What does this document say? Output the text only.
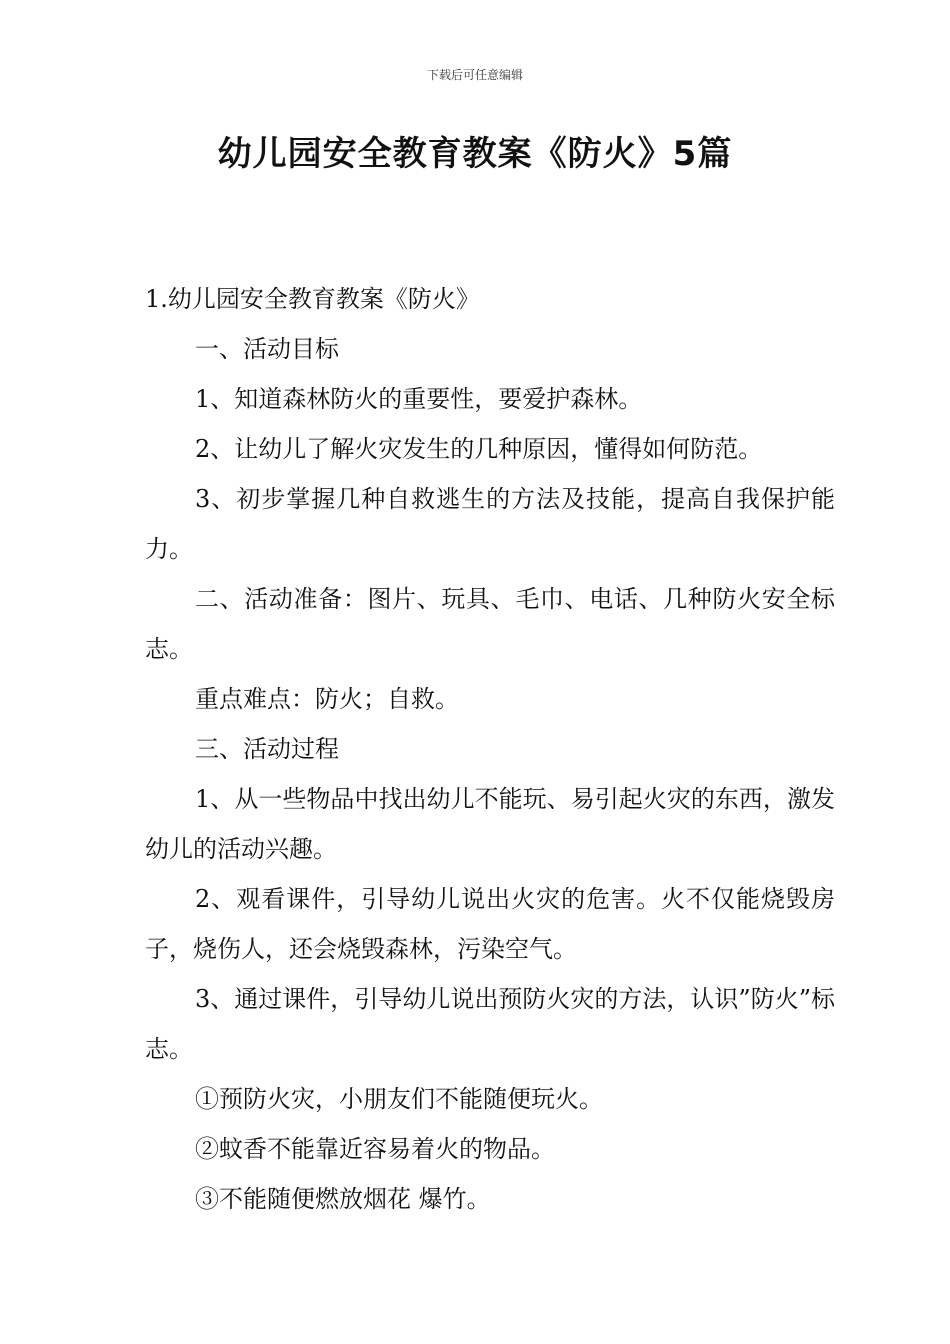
下载后可任意编辑
幼儿园安全教育教案《防火》5篇

1.幼儿园安全教育教案《防火》

一、活动目标

1、知道森林防火的重要性，要爱护森林。

2、让幼儿了解火灾发生的几种原因，懂得如何防范。

3、初步掌握几种自救逃生的方法及技能，提高自我保护能力。

二、活动准备：图片、玩具、毛巾、电话、几种防火安全标志。

重点难点：防火；自救。

三、活动过程

1、从一些物品中找出幼儿不能玩、易引起火灾的东西，激发幼儿的活动兴趣。

2、观看课件，引导幼儿说出火灾的危害。火不仅能烧毁房子，烧伤人，还会烧毁森林，污染空气。

3、通过课件，引导幼儿说出预防火灾的方法，认识”防火”标志。

①预防火灾，小朋友们不能随便玩火。

②蚊香不能靠近容易着火的物品。

③不能随便燃放烟花 爆竹。
